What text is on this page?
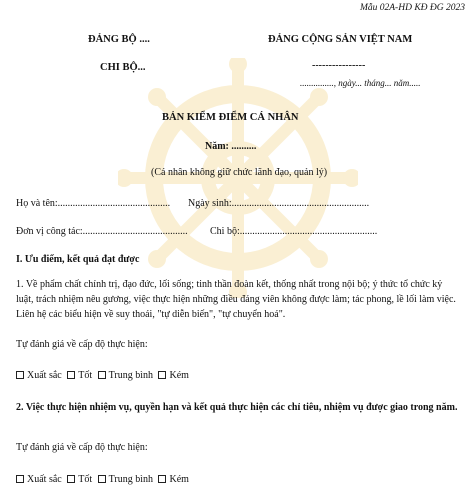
Mẫu 02A-HD KĐ ĐG 2023
ĐẢNG BỘ ....	ĐẢNG CỘNG SẢN VIỆT NAM
CHI BỘ...	----------------
..............., ngày... tháng... năm.....
BẢN KIỂM ĐIỂM CÁ NHÂN
Năm: ..........
(Cá nhân không giữ chức lãnh đạo, quản lý)
Họ và tên:............................................. Ngày sinh:.......................................................
Đơn vị công tác:.......................................... Chi bộ:.......................................................
I. Ưu điểm, kết quả đạt được
1. Về phẩm chất chính trị, đạo đức, lối sống; tinh thần đoàn kết, thống nhất trong nội bộ; ý thức tổ chức kỷ luật, trách nhiệm nêu gương, việc thực hiện những điều đảng viên không được làm; tác phong, lề lối làm việc. Liên hệ các biểu hiện về suy thoái, "tự diễn biến", "tự chuyển hoá".
Tự đánh giá về cấp độ thực hiện:
Xuất sắc Tốt Trung bình Kém
2. Việc thực hiện nhiệm vụ, quyền hạn và kết quả thực hiện các chỉ tiêu, nhiệm vụ được giao trong năm.
Tự đánh giá về cấp độ thực hiện:
Xuất sắc Tốt Trung bình Kém
